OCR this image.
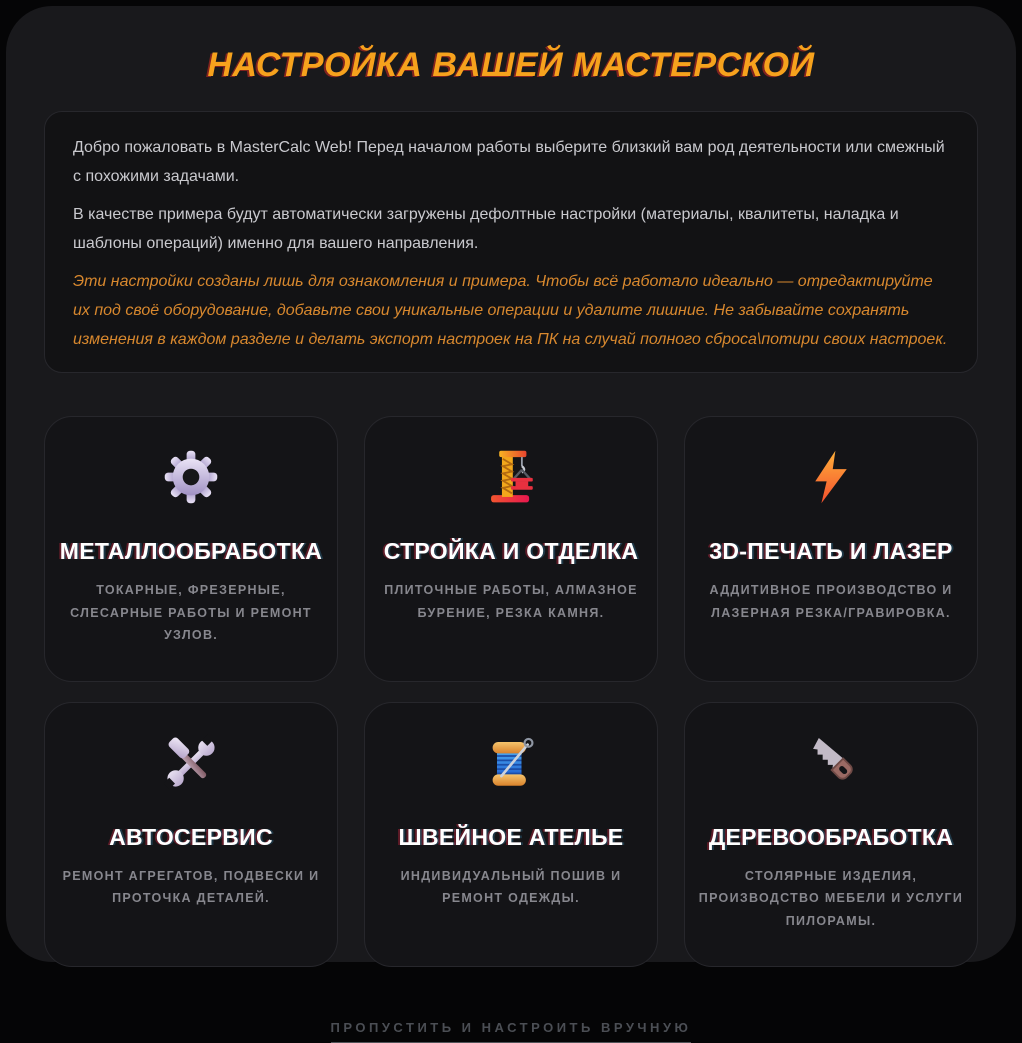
НАСТРОЙКА ВАШЕЙ МАСТЕРСКОЙ

Добро пожаловать в MasterCalc Web! Перед началом работы выберите близкий вам род деятельности или смежный с похожими задачами.

В качестве примера будут автоматически загружены дефолтные настройки (материалы, квалитеты, наладка и шаблоны операций) именно для вашего направления.

Эти настройки созданы лишь для ознакомления и примера. Чтобы всё работало идеально — отредактируйте их под своё оборудование, добавьте свои уникальные операции и удалите лишние. Не забывайте сохранять изменения в каждом разделе и делать экспорт настроек на ПК на случай полного сброса\потири своих настроек.

МЕТАЛЛООБРАБОТКА
ТОКАРНЫЕ, ФРЕЗЕРНЫЕ, СЛЕСАРНЫЕ РАБОТЫ И РЕМОНТ УЗЛОВ.
СТРОЙКА И ОТДЕЛКА
ПЛИТОЧНЫЕ РАБОТЫ, АЛМАЗНОЕ БУРЕНИЕ, РЕЗКА КАМНЯ.
3D-ПЕЧАТЬ И ЛАЗЕР
АДДИТИВНОЕ ПРОИЗВОДСТВО И ЛАЗЕРНАЯ РЕЗКА/ГРАВИРОВКА.
АВТОСЕРВИС
РЕМОНТ АГРЕГАТОВ, ПОДВЕСКИ И ПРОТОЧКА ДЕТАЛЕЙ.
ШВЕЙНОЕ АТЕЛЬЕ
ИНДИВИДУАЛЬНЫЙ ПОШИВ И РЕМОНТ ОДЕЖДЫ.
ДЕРЕВООБРАБОТКА
СТОЛЯРНЫЕ ИЗДЕЛИЯ, ПРОИЗВОДСТВО МЕБЕЛИ И УСЛУГИ ПИЛОРАМЫ.
ПРОПУСТИТЬ И НАСТРОИТЬ ВРУЧНУЮ
